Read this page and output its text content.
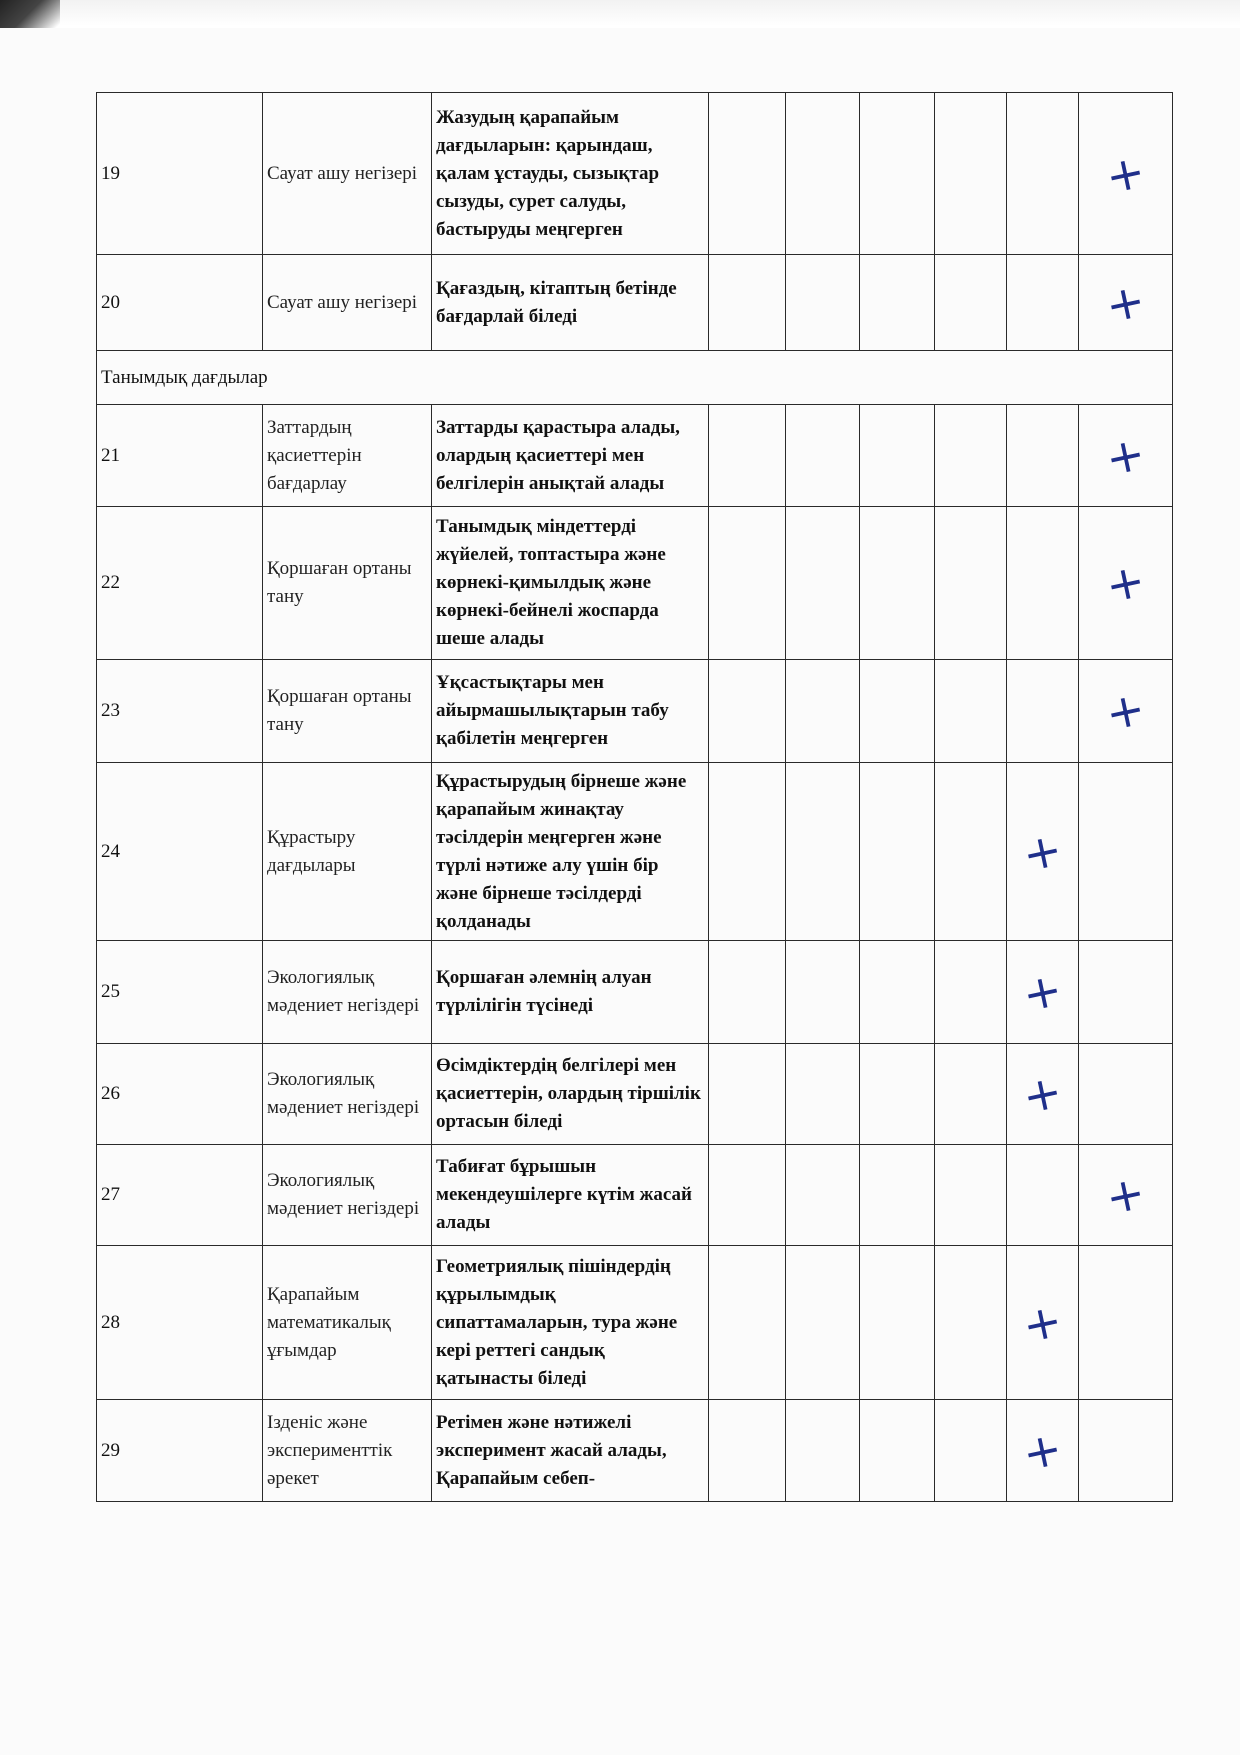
19	Сауат ашу негізері	Жазудың қарапайым дағдыларын: қарындаш, қалам ұстауды, сызықтар сызуды, сурет салуды, бастыруды меңгерген						+

20	Сауат ашу негізері	Қағаздың, кітаптың бетінде бағдарлай біледі						+

Танымдық дағдылар								
21	Заттардың қасиеттерін бағдарлау	Заттарды қарастыра алады, олардың қасиеттері мен белгілерін анықтай алады						+

22	Қоршаған ортаны тану	Танымдық міндеттерді жүйелей, топтастыра және көрнекі-қимылдық және көрнекі-бейнелі жоспарда шеше алады						+

23	Қоршаған ортаны тану	Ұқсастықтары мен айырмашылықтарын табу қабілетін меңгерген						+

24	Құрастыру дағдылары	Құрастырудың бірнеше және қарапайым жинақтау тәсілдерін меңгерген және түрлі нәтиже алу үшін бір және бірнеше тәсілдерді қолданады					+	

25	Экологиялық мәдениет негіздері	Қоршаған әлемнің алуан түрлілігін түсінеді					+	

26	Экологиялық мәдениет негіздері	Өсімдіктердің белгілері мен қасиеттерін, олардың тіршілік ортасын біледі					+	

27	Экологиялық мәдениет негіздері	Табиғат бұрышын мекендеушілерге күтім жасай алады						+

28	Қарапайым математикалық ұғымдар	Геометриялық пішіндердің құрылымдық сипаттамаларын, тура және кері реттегі сандық қатынасты біледі					+	

29	Ізденіс және эксперименттік әрекет	Ретімен және нәтижелі эксперимент жасай алады, Қарапайым себеп-					+	
